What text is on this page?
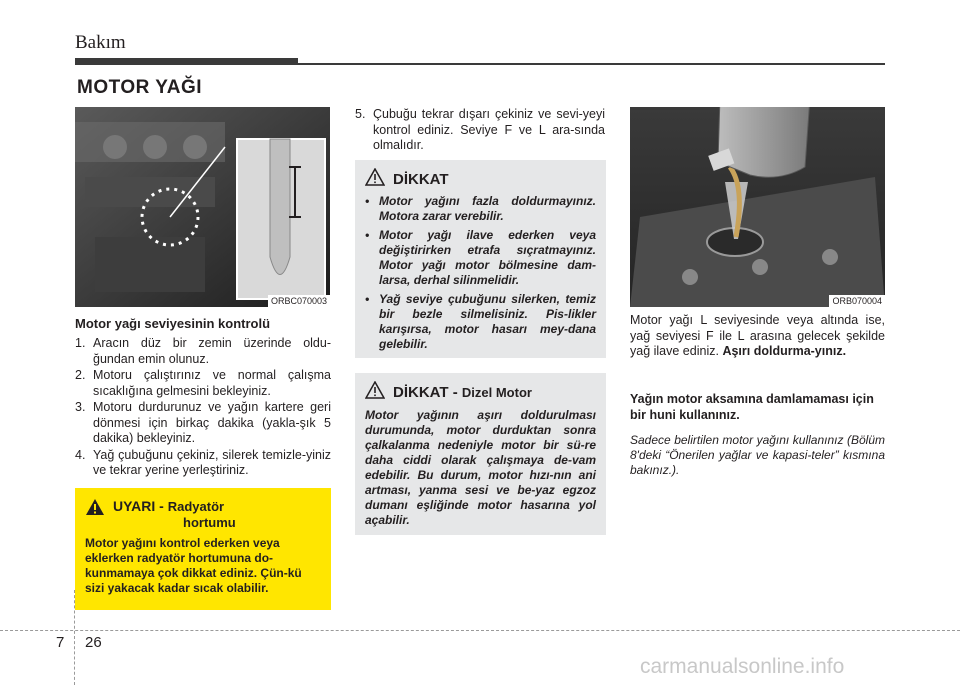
Bakım
MOTOR YAĞI
ORBC070003
Motor yağı seviyesinin kontrolü
1. Aracın düz bir zemin üzerinde oldu-ğundan emin olunuz.
2. Motoru çalıştırınız ve normal çalışma sıcaklığına gelmesini bekleyiniz.
3. Motoru durdurunuz ve yağın kartere geri dönmesi için birkaç dakika (yakla-şık 5 dakika) bekleyiniz.
4. Yağ çubuğunu çekiniz, silerek temizle-yiniz ve tekrar yerine yerleştiriniz.
UYARI - Radyatör
hortumu
Motor yağını kontrol ederken veya eklerken radyatör hortumuna do-kunmamaya çok dikkat ediniz. Çün-kü sizi yakacak kadar sıcak olabilir.
5. Çubuğu tekrar dışarı çekiniz ve sevi-yeyi kontrol ediniz. Seviye F ve L ara-sında olmalıdır.
DİKKAT
• Motor yağını fazla doldurmayınız. Motora zarar verebilir.
• Motor yağı ilave ederken veya değiştirirken etrafa sıçratmayınız. Motor yağı motor bölmesine dam-larsa, derhal silinmelidir.
• Yağ seviye çubuğunu silerken, temiz bir bezle silmelisiniz. Pis-likler karışırsa, motor hasarı mey-dana gelebilir.
DİKKAT -
Dizel Motor
Motor yağının aşırı doldurulması durumunda, motor durduktan sonra çalkalanma nedeniyle motor bir sü-re daha ciddi olarak çalışmaya de-vam edebilir. Bu durum, motor hızı-nın ani artması, yanma sesi ve be-yaz egzoz dumanı eşliğinde motor hasarına yol açabilir.
ORB070004
Motor yağı L seviyesinde veya altında ise, yağ seviyesi F ile L arasına gelecek şekilde yağ ilave ediniz. Aşırı doldurma-yınız.
Yağın motor aksamına damlamaması için bir huni kullanınız.
Sadece belirtilen motor yağını kullanınız (Bölüm 8'deki “Önerilen yağlar ve kapasi-teler” kısmına bakınız.).
7 26
carmanualsonline.info
